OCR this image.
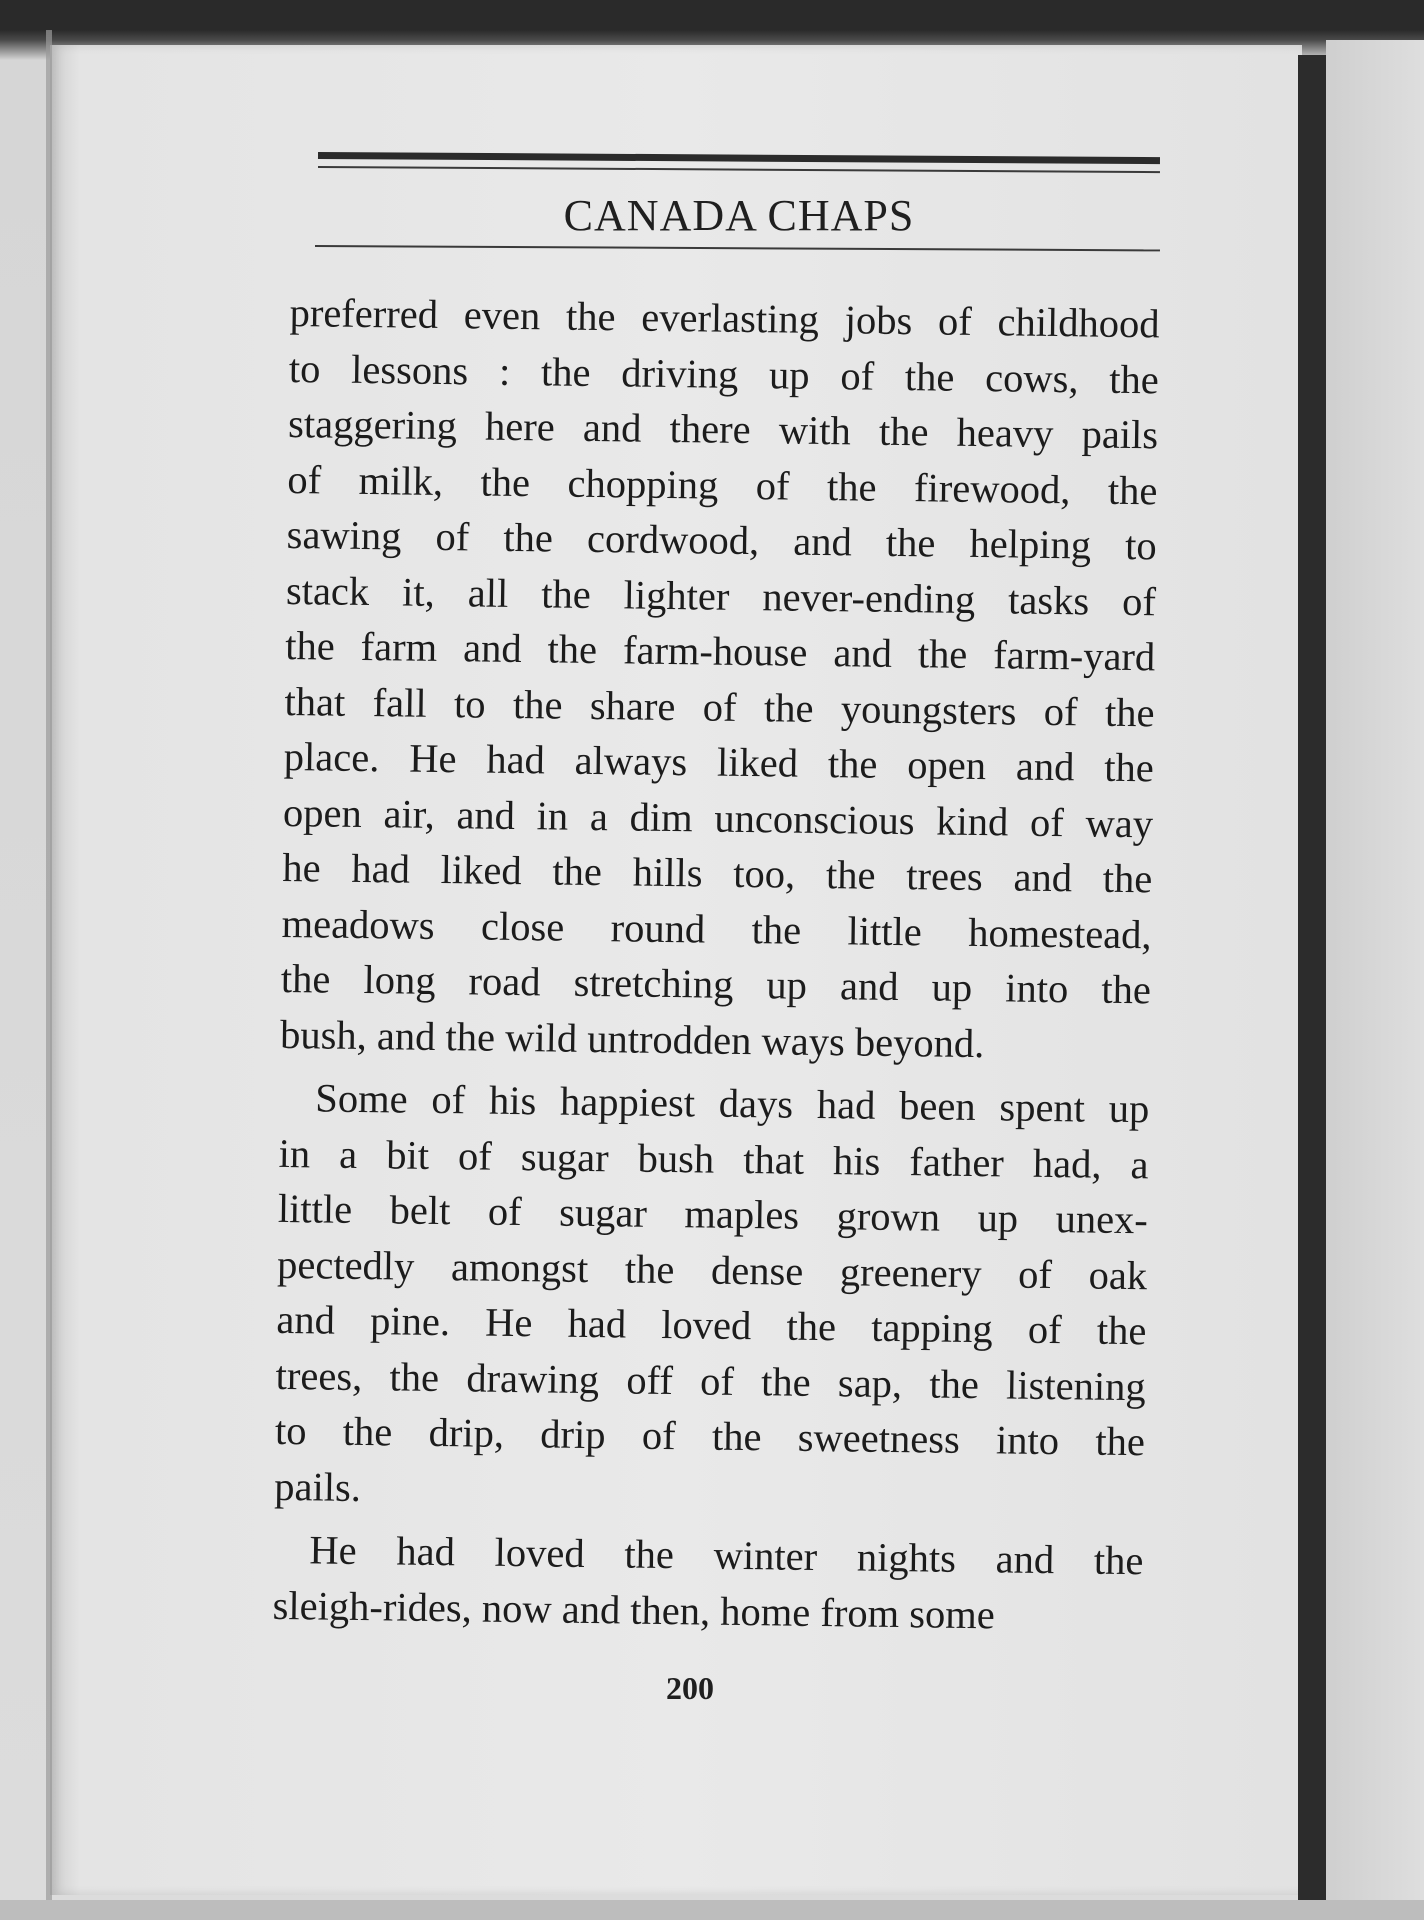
CANADA CHAPS
preferred even the everlasting jobs of childhood
to lessons : the driving up of the cows, the
staggering here and there with the heavy pails
of milk, the chopping of the firewood, the
sawing of the cordwood, and the helping to
stack it, all the lighter never-ending tasks of
the farm and the farm-house and the farm-yard
that fall to the share of the youngsters of the
place. He had always liked the open and the
open air, and in a dim unconscious kind of way
he had liked the hills too, the trees and the
meadows close round the little homestead,
the long road stretching up and up into the
bush, and the wild untrodden ways beyond.
Some of his happiest days had been spent up
in a bit of sugar bush that his father had, a
little belt of sugar maples grown up unex-
pectedly amongst the dense greenery of oak
and pine. He had loved the tapping of the
trees, the drawing off of the sap, the listening
to the drip, drip of the sweetness into the
pails.
He had loved the winter nights and the
sleigh-rides, now and then, home from some
200
